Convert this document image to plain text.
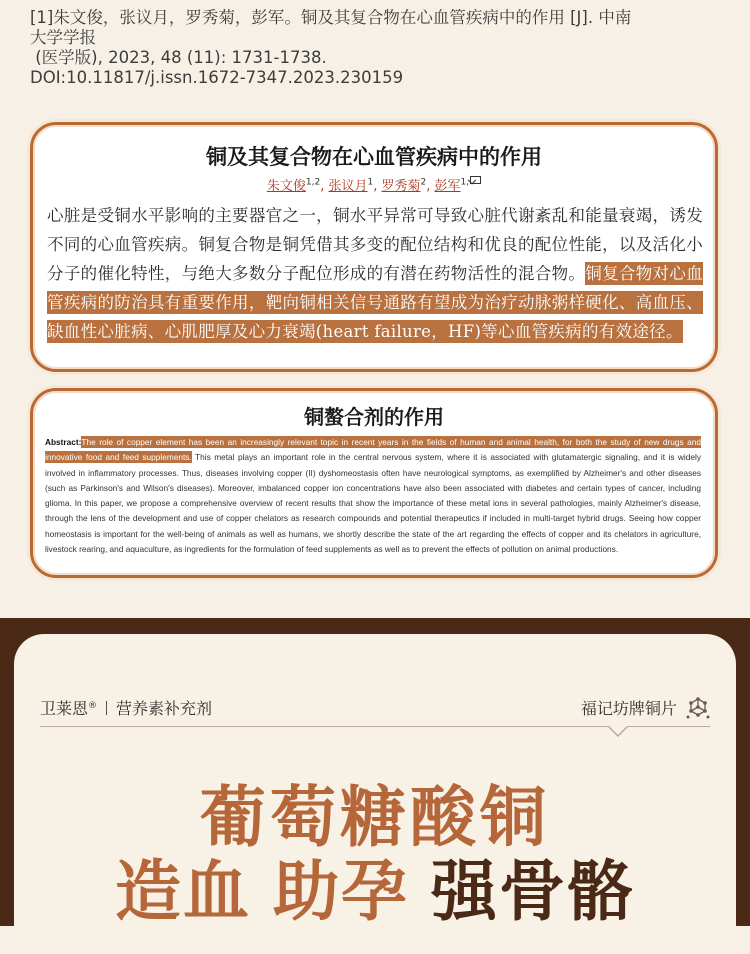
[1]朱文俊，张议月，罗秀菊，彭军。铜及其复合物在心血管疾病中的作用 [J]. 中南
大学学报
(医学版), 2023, 48 (11): 1731-1738.
DOI:10.11817/j.issn.1672-7347.2023.230159
铜及其复合物在心血管疾病中的作用
朱文俊$^{1,2}$, 张议月$^1$, 罗秀菊$^2$, 彭军$^{1,}$
心脏是受铜水平影响的主要器官之一，铜水平异常可导致心脏代谢紊乱和能量衰竭，诱发不同的心血管疾病。铜复合物是铜凭借其多变的配位结构和优良的配位性能，以及活化小分子的催化特性，与绝大多数分子配位形成的有潜在药物活性的混合物。铜复合物对心血管疾病的防治具有重要作用，靶向铜相关信号通路有望成为治疗动脉粥样硬化、高血压、缺血性心脏病、心肌肥厚及心力衰竭(heart failure，HF)等心血管疾病的有效途径。
铜螯合剂的作用
Abstract:The role of copper element has been an increasingly relevant topic in recent years in the fields of human and animal health, for both the study of new drugs and innovative food and feed supplements. This metal plays an important role in the central nervous system, where it is associated with glutamatergic signaling, and it is widely involved in inflammatory processes. Thus, diseases involving copper (II) dyshomeostasis often have neurological symptoms, as exemplified by Alzheimer's and other diseases (such as Parkinson's and Wilson's diseases). Moreover, imbalanced copper ion concentrations have also been associated with diabetes and certain types of cancer, including glioma. In this paper, we propose a comprehensive overview of recent results that show the importance of these metal ions in several pathologies, mainly Alzheimer's disease, through the lens of the development and use of copper chelators as research compounds and potential therapeutics if included in multi-target hybrid drugs. Seeing how copper homeostasis is important for the well-being of animals as well as humans, we shortly describe the state of the art regarding the effects of copper and its chelators in agriculture, livestock rearing, and aquaculture, as ingredients for the formulation of feed supplements as well as to prevent the effects of pollution on animal productions.
卫莱恩® 营养素补充剂	福记坊牌铜片
葡萄糖酸铜
造血 助孕 强骨骼
